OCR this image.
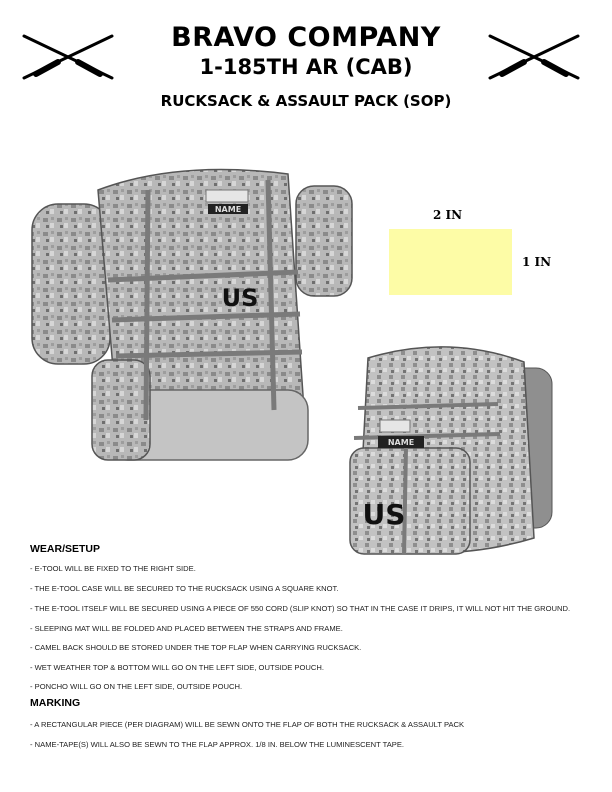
BRAVO COMPANY
1-185TH AR (CAB)
RUCKSACK & ASSAULT PACK (SOP)
NAME
US
2 IN
1 IN
NAME
US
WEAR/SETUP
- E-TOOL WILL BE FIXED TO THE RIGHT SIDE.
- THE E-TOOL CASE WILL BE SECURED TO THE RUCKSACK USING A SQUARE KNOT.
- THE E-TOOL ITSELF WILL BE SECURED USING A PIECE OF 550 CORD (SLIP KNOT) SO THAT IN THE CASE IT DRIPS, IT WILL NOT HIT THE GROUND.
- SLEEPING MAT WILL BE FOLDED AND PLACED BETWEEN THE STRAPS AND FRAME.
- CAMEL BACK SHOULD BE STORED UNDER THE TOP FLAP WHEN CARRYING RUCKSACK.
- WET WEATHER TOP & BOTTOM WILL GO ON THE LEFT SIDE, OUTSIDE POUCH.
- PONCHO WILL GO ON THE LEFT SIDE, OUTSIDE POUCH.
MARKING
- A RECTANGULAR PIECE (PER DIAGRAM) WILL BE SEWN ONTO THE FLAP OF BOTH THE RUCKSACK & ASSAULT PACK
- NAME-TAPE(S) WILL ALSO BE SEWN TO THE FLAP APPROX. 1/8 IN. BELOW THE LUMINESCENT TAPE.
